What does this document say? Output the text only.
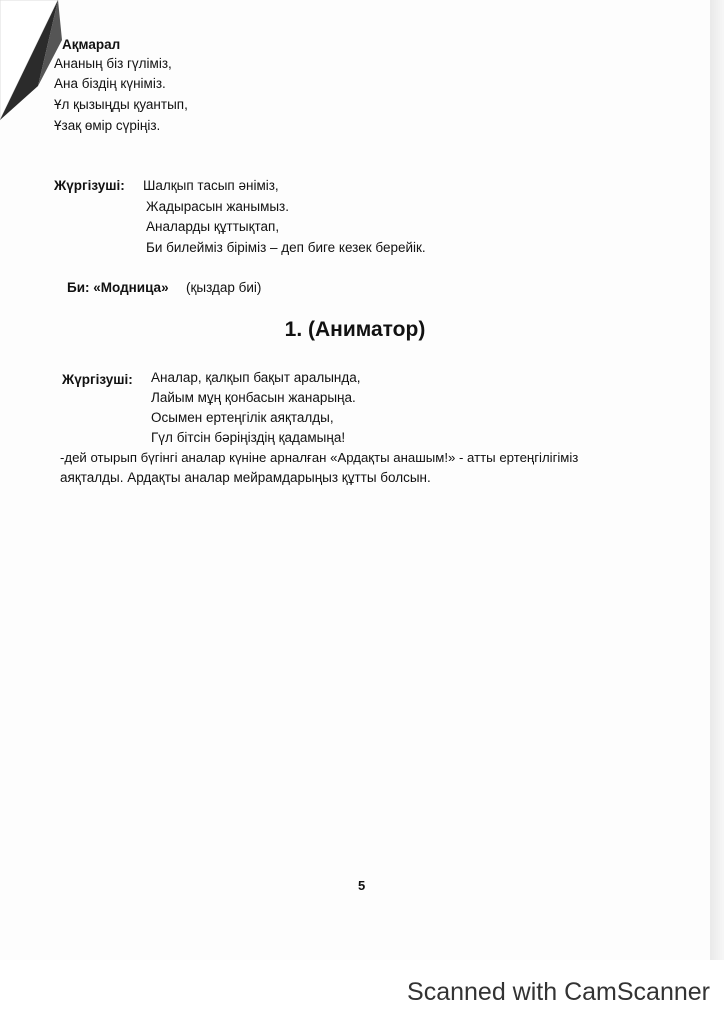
Ақмарал
Ананың біз гүліміз,
Ана біздің күніміз.
Ұл қызыңды қуантып,
Ұзақ өмір сүріңіз.
Жүргізуші: Шалқып тасып әніміз,
Жадырасын жанымыз.
Аналарды құттықтап,
Би билейміз біріміз – деп биге кезек берейік.
Би: «Модница» (қыздар биі)
1. (Аниматор)
Жүргізуші: Аналар, қалқып бақыт аралында,
Лайым мұң қонбасын жанарыңа.
Осымен ертеңгілік аяқталды,
Гүл бітсін бәріңіздің қадамыңа!
-дей отырып бүгінгі аналар күніне арналған «Ардақты анашым!» - атты ертеңгілігіміз
аяқталды. Ардақты аналар мейрамдарыңыз құтты болсын.
5
Scanned with CamScanner
